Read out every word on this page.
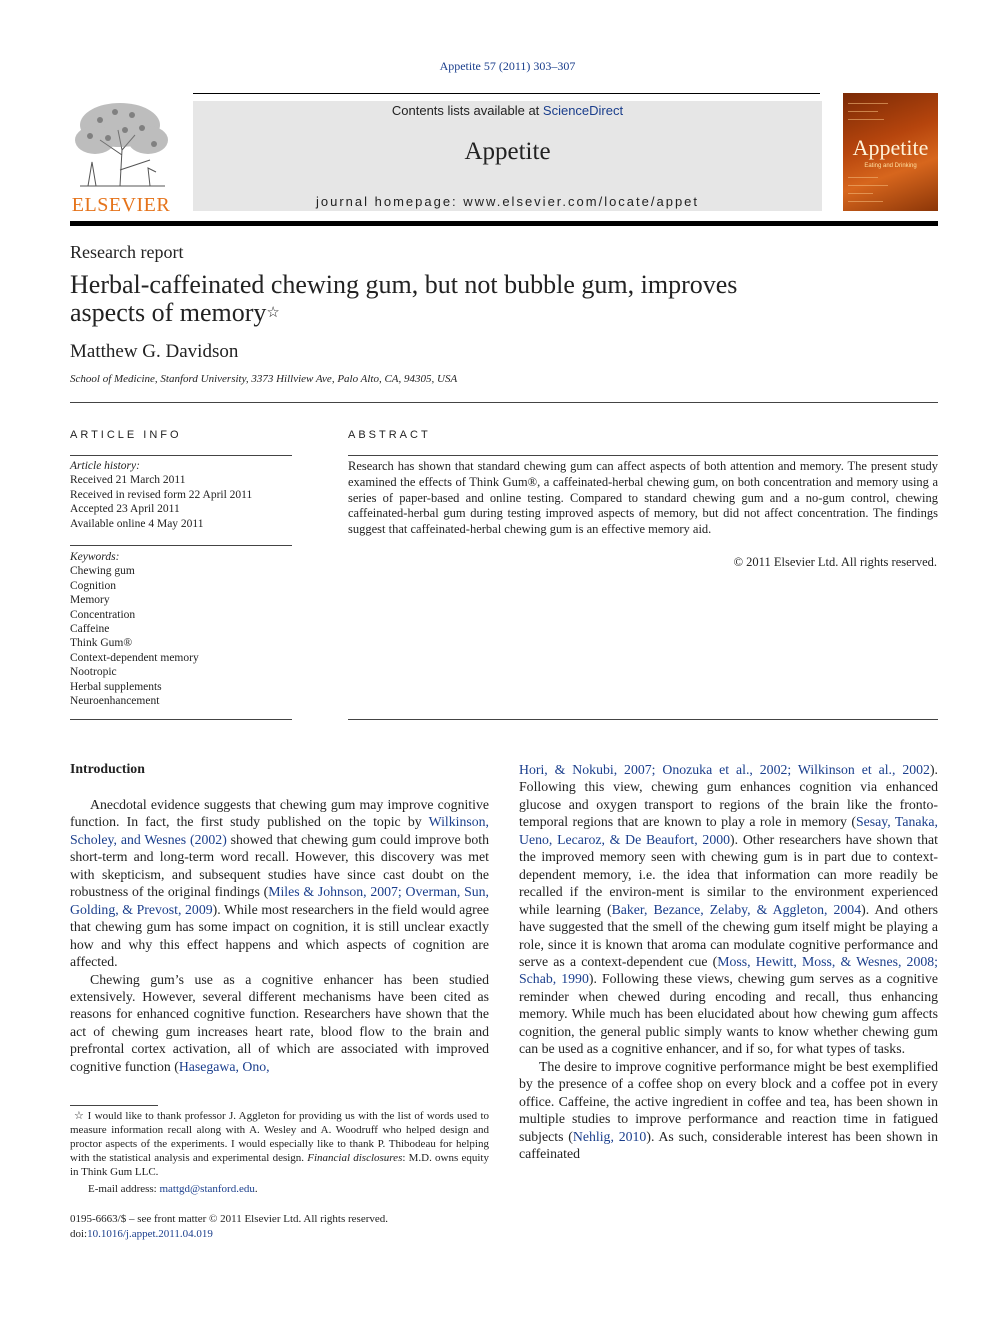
Appetite 57 (2011) 303–307
ELSEVIER
Contents lists available at ScienceDirect
Appetite
journal homepage: www.elsevier.com/locate/appet
Appetite
Eating and Drinking
Research report
Herbal-caffeinated chewing gum, but not bubble gum, improves aspects of memory☆
Matthew G. Davidson
School of Medicine, Stanford University, 3373 Hillview Ave, Palo Alto, CA, 94305, USA
ARTICLE INFO
Article history:
Received 21 March 2011
Received in revised form 22 April 2011
Accepted 23 April 2011
Available online 4 May 2011
Keywords:
Chewing gum
Cognition
Memory
Concentration
Caffeine
Think Gum®
Context-dependent memory
Nootropic
Herbal supplements
Neuroenhancement
ABSTRACT
Research has shown that standard chewing gum can affect aspects of both attention and memory. The present study examined the effects of Think Gum®, a caffeinated-herbal chewing gum, on both concentration and memory using a series of paper-based and online testing. Compared to standard chewing gum and a no-gum control, chewing caffeinated-herbal gum during testing improved aspects of memory, but did not affect concentration. The findings suggest that caffeinated-herbal chewing gum is an effective memory aid.
© 2011 Elsevier Ltd. All rights reserved.
Introduction

Anecdotal evidence suggests that chewing gum may improve cognitive function. In fact, the first study published on the topic by Wilkinson, Scholey, and Wesnes (2002) showed that chewing gum could improve both short-term and long-term word recall. However, this discovery was met with skepticism, and subsequent studies have since cast doubt on the robustness of the original findings (Miles & Johnson, 2007; Overman, Sun, Golding, & Prevost, 2009). While most researchers in the field would agree that chewing gum has some impact on cognition, it is still unclear exactly how and why this effect happens and which aspects of cognition are affected.

Chewing gum’s use as a cognitive enhancer has been studied extensively. However, several different mechanisms have been cited as reasons for enhanced cognitive function. Researchers have shown that the act of chewing gum increases heart rate, blood flow to the brain and prefrontal cortex activation, all of which are associated with improved cognitive function (Hasegawa, Ono,

Hori, & Nokubi, 2007; Onozuka et al., 2002; Wilkinson et al., 2002). Following this view, chewing gum enhances cognition via enhanced glucose and oxygen transport to regions of the brain like the fronto-temporal regions that are known to play a role in memory (Sesay, Tanaka, Ueno, Lecaroz, & De Beaufort, 2000). Other researchers have shown that the improved memory seen with chewing gum is in part due to context-dependent memory, i.e. the idea that information can more readily be recalled if the environ-ment is similar to the environment experienced while learning (Baker, Bezance, Zelaby, & Aggleton, 2004). And others have suggested that the smell of the chewing gum itself might be playing a role, since it is known that aroma can modulate cognitive performance and serve as a context-dependent cue (Moss, Hewitt, Moss, & Wesnes, 2008; Schab, 1990). Following these views, chewing gum serves as a cognitive reminder when chewed during encoding and recall, thus enhancing memory. While much has been elucidated about how chewing gum affects cognition, the general public simply wants to know whether chewing gum can be used as a cognitive enhancer, and if so, for what types of tasks.

The desire to improve cognitive performance might be best exemplified by the presence of a coffee shop on every block and a coffee pot in every office. Caffeine, the active ingredient in coffee and tea, has been shown in multiple studies to improve performance and reaction time in fatigued subjects (Nehlig, 2010). As such, considerable interest has been shown in caffeinated

☆ I would like to thank professor J. Aggleton for providing us with the list of words used to measure information recall along with A. Wesley and A. Woodruff who helped design and proctor aspects of the experiments. I would especially like to thank P. Thibodeau for helping with the statistical analysis and experimental design. Financial disclosures: M.D. owns equity in Think Gum LLC.
E-mail address: mattgd@stanford.edu.
0195-6663/$ – see front matter © 2011 Elsevier Ltd. All rights reserved.
doi:10.1016/j.appet.2011.04.019
